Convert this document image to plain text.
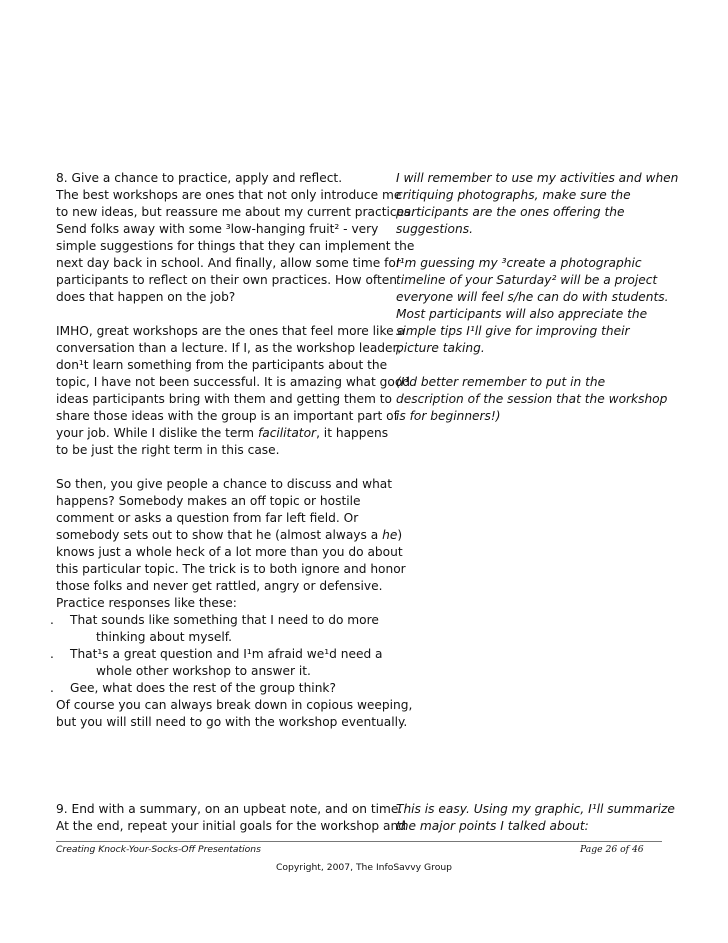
8. Give a chance to practice, apply and reflect.
The best workshops are ones that not only introduce me
to new ideas, but reassure me about my current practices.
Send folks away with some ³low-hanging fruit² - very
simple suggestions for things that they can implement the
next day back in school. And finally, allow some time for
participants to reflect on their own practices. How often
does that happen on the job?
IMHO, great workshops are the ones that feel more like a
conversation than a lecture. If I, as the workshop leader,
don¹t learn something from the participants about the
topic, I have not been successful. It is amazing what good
ideas participants bring with them and getting them to
share those ideas with the group is an important part of
your job. While I dislike the term facilitator, it happens
to be just the right term in this case.
So then, you give people a chance to discuss and what
happens? Somebody makes an off topic or hostile
comment or asks a question from far left field. Or
somebody sets out to show that he (almost always a he)
knows just a whole heck of a lot more than you do about
this particular topic. The trick is to both ignore and honor
those folks and never get rattled, angry or defensive.
Practice responses like these:
. That sounds like something that I need to do more
thinking about myself.
. That¹s a great question and I¹m afraid we¹d need a
whole other workshop to answer it.
. Gee, what does the rest of the group think?
Of course you can always break down in copious weeping,
but you will still need to go with the workshop eventually.
I will remember to use my activities and when
critiquing photographs, make sure the
participants are the ones offering the
suggestions.
I¹m guessing my ³create a photographic
timeline of your Saturday² will be a project
everyone will feel s/he can do with students.
Most participants will also appreciate the
simple tips I¹ll give for improving their
picture taking.
(I¹d better remember to put in the
description of the session that the workshop
is for beginners!)
9. End with a summary, on an upbeat note, and on time.
At the end, repeat your initial goals for the workshop and
This is easy. Using my graphic, I¹ll summarize
the major points I talked about:
Creating Knock-Your-Socks-Off Presentations	Page 26 of 46
Copyright, 2007, The InfoSavvy Group
